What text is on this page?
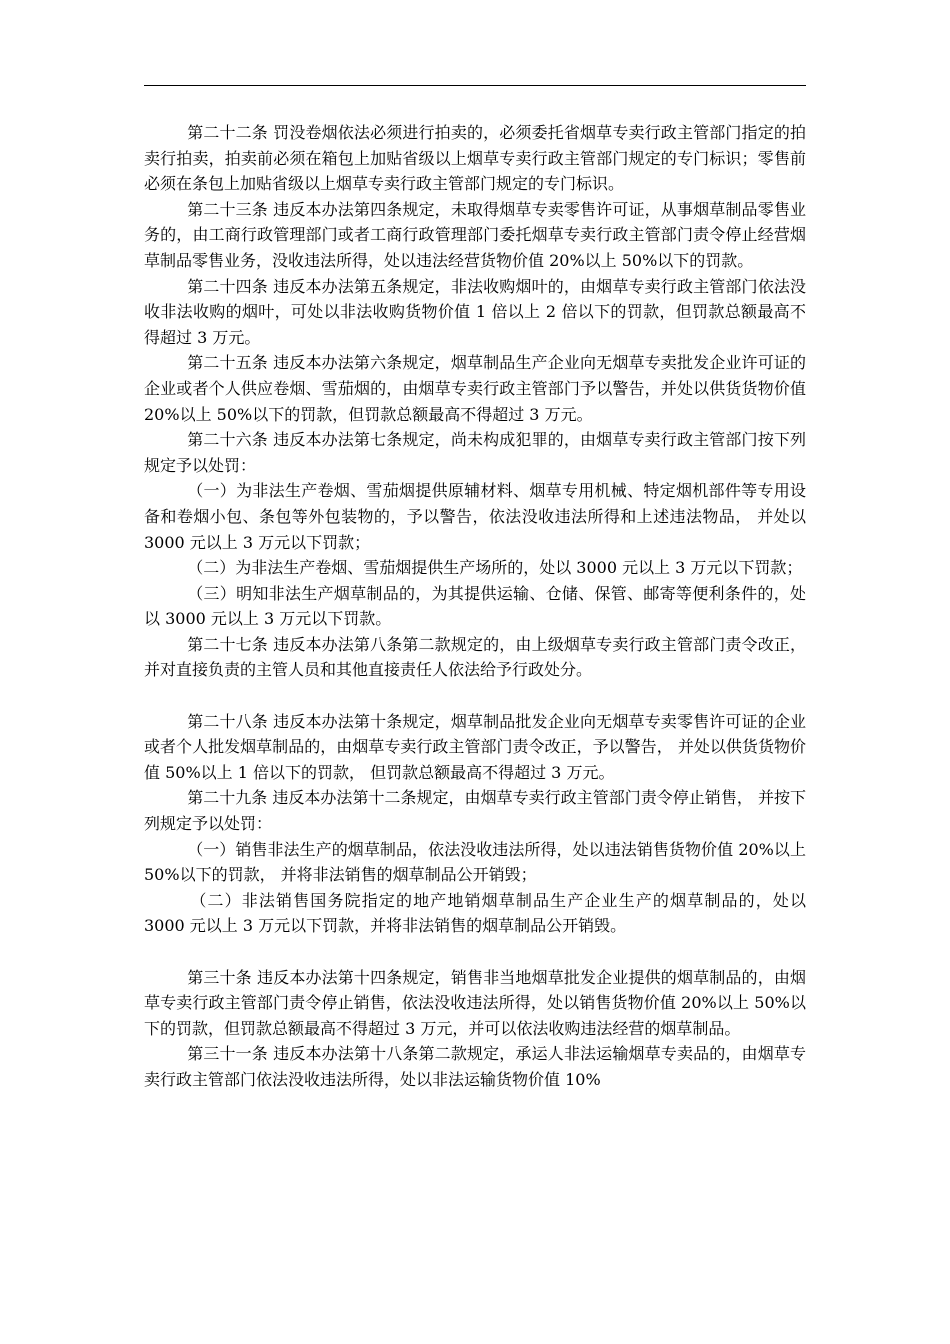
第二十二条 罚没卷烟依法必须进行拍卖的，必须委托省烟草专卖行政主管部门指定的拍卖行拍卖，拍卖前必须在箱包上加贴省级以上烟草专卖行政主管部门规定的专门标识；零售前必须在条包上加贴省级以上烟草专卖行政主管部门规定的专门标识。

第二十三条 违反本办法第四条规定，未取得烟草专卖零售许可证，从事烟草制品零售业务的，由工商行政管理部门或者工商行政管理部门委托烟草专卖行政主管部门责令停止经营烟草制品零售业务，没收违法所得，处以违法经营货物价值 20%以上 50%以下的罚款。

第二十四条 违反本办法第五条规定，非法收购烟叶的，由烟草专卖行政主管部门依法没收非法收购的烟叶，可处以非法收购货物价值 1 倍以上 2 倍以下的罚款，但罚款总额最高不得超过 3 万元。

第二十五条 违反本办法第六条规定，烟草制品生产企业向无烟草专卖批发企业许可证的企业或者个人供应卷烟、雪茄烟的，由烟草专卖行政主管部门予以警告，并处以供货货物价值 20%以上 50%以下的罚款，但罚款总额最高不得超过 3 万元。

第二十六条 违反本办法第七条规定，尚未构成犯罪的，由烟草专卖行政主管部门按下列规定予以处罚：

（一）为非法生产卷烟、雪茄烟提供原辅材料、烟草专用机械、特定烟机部件等专用设备和卷烟小包、条包等外包装物的，予以警告，依法没收违法所得和上述违法物品， 并处以 3000 元以上 3 万元以下罚款；

（二）为非法生产卷烟、雪茄烟提供生产场所的，处以 3000 元以上 3 万元以下罚款；

（三）明知非法生产烟草制品的，为其提供运输、仓储、保管、邮寄等便利条件的，处以 3000 元以上 3 万元以下罚款。

第二十七条 违反本办法第八条第二款规定的，由上级烟草专卖行政主管部门责令改正，并对直接负责的主管人员和其他直接责任人依法给予行政处分。

第二十八条 违反本办法第十条规定，烟草制品批发企业向无烟草专卖零售许可证的企业或者个人批发烟草制品的，由烟草专卖行政主管部门责令改正，予以警告， 并处以供货货物价值 50%以上 1 倍以下的罚款， 但罚款总额最高不得超过 3 万元。

第二十九条 违反本办法第十二条规定，由烟草专卖行政主管部门责令停止销售， 并按下列规定予以处罚：

（一）销售非法生产的烟草制品，依法没收违法所得，处以违法销售货物价值 20%以上 50%以下的罚款， 并将非法销售的烟草制品公开销毁；

（二）非法销售国务院指定的地产地销烟草制品生产企业生产的烟草制品的，处以 3000 元以上 3 万元以下罚款，并将非法销售的烟草制品公开销毁。

第三十条 违反本办法第十四条规定，销售非当地烟草批发企业提供的烟草制品的，由烟草专卖行政主管部门责令停止销售，依法没收违法所得，处以销售货物价值 20%以上 50%以下的罚款，但罚款总额最高不得超过 3 万元，并可以依法收购违法经营的烟草制品。

第三十一条 违反本办法第十八条第二款规定，承运人非法运输烟草专卖品的，由烟草专卖行政主管部门依法没收违法所得，处以非法运输货物价值 10%
